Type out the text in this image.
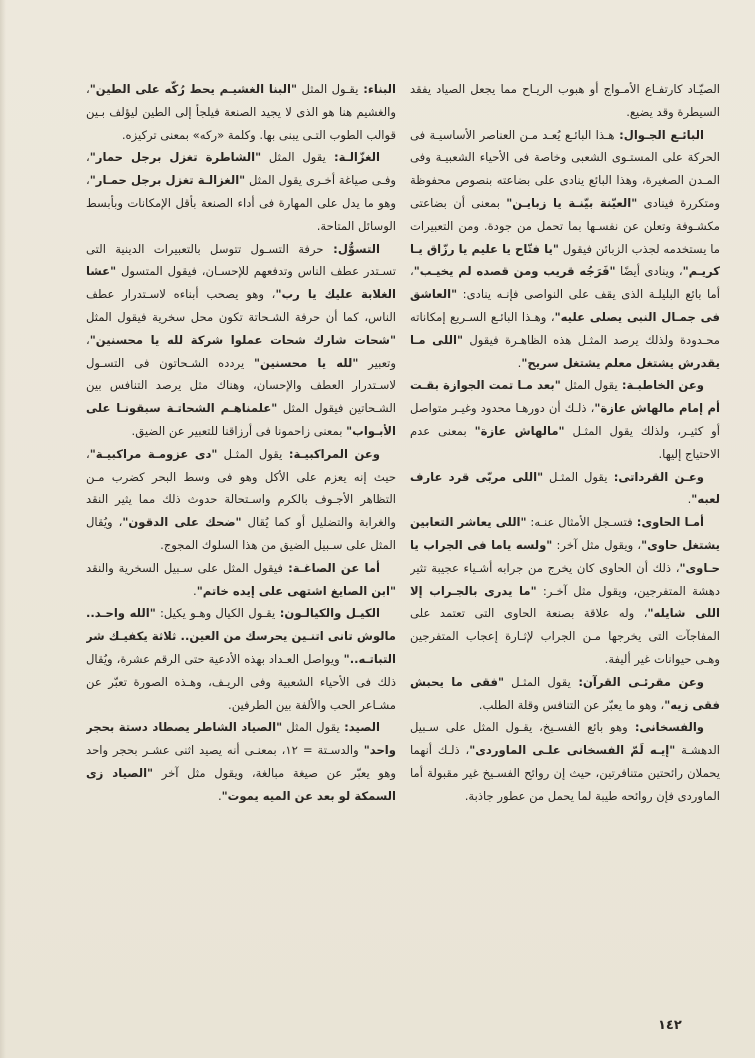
الصيّـاد كارتفـاع الأمـواج أو هبوب الريـاح مما يجعل الصياد يفقد السيطرة وقد يضيع.

البائـع الجـوال: هـذا البائـع يُعـد مـن العناصر الأساسيـة فى الحركة على المستـوى الشعبى وخاصة فى الأحياء الشعبيـة وفى المـدن الصغيرة، وهذا البائع ينادى على بضاعته بنصوص محفوظة ومتكررة فينادى "العيّنة بيّنـة يا زبايـن" بمعنى أن بضاعتى مكشـوفة وتعلن عن نفسـها بما تحمل من جودة. ومن التعبيرات ما يستخدمه لجذب الزبائن فيقول "يا فتّاح يا عليم يا رزّاق يـا كريـم"، وينادى أيضًا "فَرَجُه قريب ومن قصده لم يخيـب"، أما بائع البليلـة الذى يقف على النواصى فإنـه ينادى: "العاشق فى جمـال النبى يصلى عليه"، وهـذا البائـع السـريع إمكاناته محـدودة ولذلك يرصد المثـل هذه الظاهـرة فيقول "اللى مـا يقدرش يشتغل معلم يشتغل سريح".

وعن الخاطبـة: يقول المثل "بعد مـا تمت الجوازة بقـت أم إمام مالهاش عازة"، ذلـك أن دورهـا محدود وغيـر متواصل أو كثيـر، ولذلك يقول المثـل "مالهاش عازة" بمعنى عدم الاحتياج إليها.

وعـن القرداتى: يقول المثـل "اللى مربّى قرد عارف لعبه".

أمـا الحاوى: فتسـجل الأمثال عنـه: "اللى يعاشر التعابين يشتغل حاوى"، ويقول مثل آخر: "ولسه ياما فى الجراب يا حـاوى"، ذلك أن الحاوى كان يخرج من جرابه أشـياء عجيبة تثير دهشة المتفرجين، ويقول مثل آخـر: "ما يدرى بالجـراب إلا اللى شايله"، وله علاقة بصنعة الحاوى التى تعتمد على المفاجآت التى يخرجها مـن الجراب لإثـارة إعجاب المتفرجين وهـى حيوانات غير أليفة.

وعن مقرئـى القرآن: يقول المثـل "فقى ما يحبش فقى زيه"، وهو ما يعبّر عن التنافس وقلة الطلب.

والفسخانى: وهو بائع الفسـيخ، يقـول المثل على سـبيل الدهشـة "إيـه لَمّ الفسخانى علـى الماوردى"، ذلـك أنهما يحملان رائحتين متنافرتين، حيث إن روائح الفسـيخ غير مقبولة أما الماوردى فإن روائحه طيبة لما يحمل من عطور جاذبة.

البناء: يقـول المثل "البنا الغشيـم يحط رُكّه على الطين"، والغشيم هنا هو الذى لا يجيد الصنعة فيلجأ إلى الطين ليؤلف بـين قوالب الطوب التـى يبنى بها. وكلمة «ركه» بمعنى تركيزه.

الغزّالـة: يقول المثل "الشاطرة تغزل برجل حمار"، وفـى صياغة أخـرى يقول المثل "الغزالـة تغزل برجل حمـار"، وهو ما يدل على المهارة فى أداء الصنعة بأقل الإمكانات وبأبسط الوسائل المتاحة.

التسوُّل: حرفة التسـول تتوسل بالتعبيرات الدينية التى تسـتدر عطف الناس وتدفعهم للإحسـان، فيقول المتسول "عشا الغلابة عليك يا رب"، وهو يصحب أبناءه لاسـتدرار عطف الناس، كما أن حرفة الشـحاتة تكون محل سخرية فيقول المثل "شحات شارك شحات عملوا شركة لله يا محسنين"، وتعبير "لله يا محسنين" يردده الشـحاتون فى التسـول لاسـتدرار العطف والإحسان، وهناك مثل يرصد التنافس بين الشـحاتين فيقول المثل "علمناهـم الشحاتـة سبقونـا على الأبـواب" بمعنى زاحمونا فى أرزاقنا للتعبير عن الضيق.

وعن المراكبيـة: يقول المثـل "دى عزومـة مراكبيـة"، حيث إنه يعزم على الأكل وهو فى وسط البحر كضرب مـن التظاهر الأجـوف بالكرم واسـتحالة حدوث ذلك مما يثير النقد والغرابة والتضليل أو كما يُقال "ضحك على الدقون"، ويُقال المثل على سـبيل الضيق من هذا السلوك المجوج.

أما عن الصاغـة: فيقول المثل على سـبيل السخرية والنقد "ابن الصايغ اشتهى على إيده خاتم".

الكيـل والكيالـون: يقـول الكيال وهـو يكيل: "الله واحـد.. مالوش تانى اتنـين يحرسك من العين.. ثلاثة يكفيـك شر التباتـه.." ويواصل العـداد بهذه الأدعية حتى الرقم عشرة، ويُقال ذلك فى الأحياء الشعبية وفى الريـف، وهـذه الصورة تعبّر عن مشـاعر الحب والألفة بين الطرفين.

الصيد: يقول المثل "الصياد الشاطر يصطاد دستة بحجر واحد" والدسـتة = ١٢، بمعنـى أنه يصيد اثنى عشـر بحجر واحد وهو يعبّر عن صيغة مبالغة، ويقول مثل آخر "الصياد زى السمكة لو بعد عن الميه يموت".

١٤٢
